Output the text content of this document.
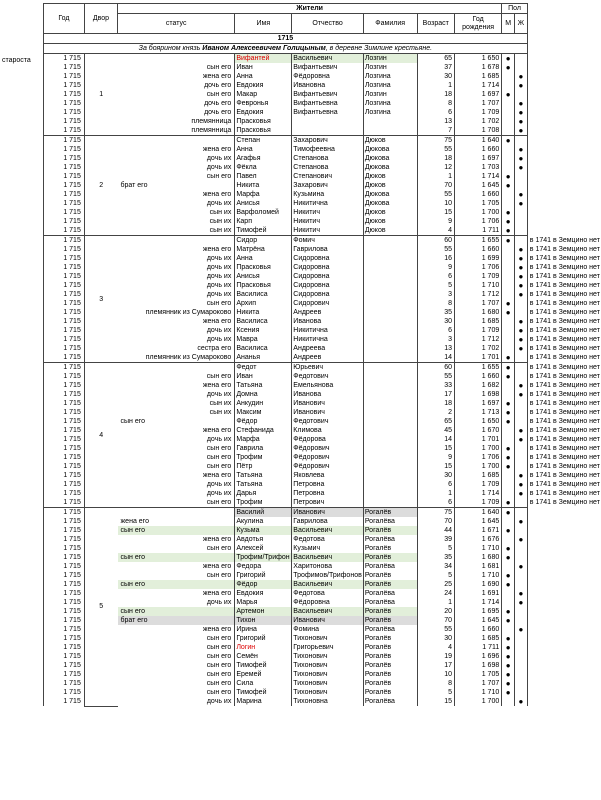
староста
Год	Двор	Жители						Пол		
		статус	Имя	Отчество	Фамилия	Возраст	Год рождения	М	Ж	
1715										
За боярином князь Иваном Алексеевичем Голицыным, в деревне Зимлине крестьяне.										
1 715	1		Вифантей	Васильевич	Лозгин	65	1 650	●		
1 715		сын его	Иван	Вифантьевич	Лозгин	37	1 678	●		
1 715		жена его	Анна	Фёдоровна	Лозгина	30	1 685		●	
1 715		дочь его	Евдокия	Ивановна	Лозгина	1	1 714		●	
1 715		сын его	Макар	Вифантьевич	Лозгин	18	1 697	●		
1 715		дочь его	Февронья	Вифантьевна	Лозгина	8	1 707		●	
1 715		дочь его	Евдокия	Вифантьевна	Лозгина	6	1 709		●	
1 715		племянница	Прасковья			13	1 702		●	
1 715		племянница	Прасковья			7	1 708		●	
1 715	2		Степан	Захарович	Дюков	75	1 640	●		
1 715		жена его	Анна	Тимофеевна	Дюкова	55	1 660		●	
1 715		дочь их	Агафья	Степанова	Дюкова	18	1 697		●	
1 715		дочь их	Фёкла	Степанова	Дюкова	12	1 703		●	
1 715		сын его	Павел	Степанович	Дюков	1	1 714	●		
1 715		брат его	Никита	Захарович	Дюков	70	1 645	●		
1 715		жена его	Марфа	Кузьмина	Дюкова	55	1 660		●	
1 715		дочь их	Анисья	Никитична	Дюкова	10	1 705		●	
1 715		сын их	Варфоломей	Никитич	Дюков	15	1 700	●		
1 715		сын их	Карп	Никитич	Дюков	9	1 706	●		
1 715		сын их	Тимофей	Никитич	Дюков	4	1 711	●		
1 715	3		Сидор	Фомич		60	1 655	●		в 1741 в Земцино нет
1 715		жена его	Матрёна	Гаврилова		55	1 660		●	в 1741 в Земцино нет
1 715		дочь их	Анна	Сидоровна		16	1 699		●	в 1741 в Земцино нет
1 715		дочь их	Прасковья	Сидоровна		9	1 706		●	в 1741 в Земцино нет
1 715		дочь их	Анисья	Сидоровна		6	1 709		●	в 1741 в Земцино нет
1 715		дочь их	Прасковья	Сидоровна		5	1 710		●	в 1741 в Земцино нет
1 715		дочь их	Василиса	Сидоровна		3	1 712		●	в 1741 в Земцино нет
1 715		сын его	Архип	Сидорович		8	1 707	●		в 1741 в Земцино нет
1 715		племянник из Сумароково	Никита	Андреев		35	1 680	●		в 1741 в Земцино нет
1 715		жена его	Василиса	Иванова		30	1 685		●	в 1741 в Земцино нет
1 715		дочь их	Ксения	Никитична		6	1 709		●	в 1741 в Земцино нет
1 715		дочь их	Мавра	Никитична		3	1 712		●	в 1741 в Земцино нет
1 715		сестра его	Василиса	Андреева		13	1 702		●	в 1741 в Земцино нет
1 715		племянник из Сумароково	Ананья	Андреев		14	1 701	●		в 1741 в Земцино нет
1 715	4		Федот	Юрьевич		60	1 655	●		в 1741 в Земцино нет
1 715		сын его	Иван	Федотович		55	1 660	●		в 1741 в Земцино нет
1 715		жена его	Татьяна	Емельянова		33	1 682		●	в 1741 в Земцино нет
1 715		дочь их	Домна	Иванова		17	1 698		●	в 1741 в Земцино нет
1 715		сын их	Анкудин	Иванович		18	1 697	●		в 1741 в Земцино нет
1 715		сын их	Максим	Иванович		2	1 713	●		в 1741 в Земцино нет
1 715		сын его	Фёдор	Федотович		65	1 650	●		в 1741 в Земцино нет
1 715		жена его	Стефанида	Климова		45	1 670		●	в 1741 в Земцино нет
1 715		дочь их	Марфа	Фёдорова		14	1 701		●	в 1741 в Земцино нет
1 715		сын его	Гаврила	Фёдорович		15	1 700	●		в 1741 в Земцино нет
1 715		сын его	Трофим	Фёдорович		9	1 706	●		в 1741 в Земцино нет
1 715		сын его	Пётр	Фёдорович		15	1 700	●		в 1741 в Земцино нет
1 715		жена его	Татьяна	Яковлева		30	1 685		●	в 1741 в Земцино нет
1 715		дочь их	Татьяна	Петровна		6	1 709		●	в 1741 в Земцино нет
1 715		дочь их	Дарья	Петровна		1	1 714		●	в 1741 в Земцино нет
1 715		сын его	Трофим	Петрович		6	1 709	●		в 1741 в Земцино нет
1 715	5		Василий	Иванович	Рогалёв	75	1 640	●		
1 715		жена его	Акулина	Гаврилова	Рогалёва	70	1 645		●	
1 715		сын его	Кузьма	Васильевич	Рогалёв	44	1 671	●		
1 715		жена его	Авдотья	Федотова	Рогалёва	39	1 676		●	
1 715		сын его	Алексей	Кузьмич	Рогалёв	5	1 710	●		
1 715		сын его	Трофим/Трифон	Васильевич	Рогалёв	35	1 680	●		
1 715		жена его	Федора	Харитонова	Рогалёва	34	1 681		●	
1 715		сын его	Григорий	Трофимов/Трифонов	Рогалёв	5	1 710	●		
1 715		сын его	Фёдор	Васильевич	Рогалёв	25	1 690	●		
1 715		жена его	Евдокия	Федотова	Рогалёва	24	1 691		●	
1 715		дочь их	Марья	Фёдоровна	Рогалёва	1	1 714		●	
1 715		сын его	Артемон	Васильевич	Рогалёв	20	1 695	●		
1 715		брат его	Тихон	Иванович	Рогалёв	70	1 645	●		
1 715		жена его	Ирина	Фомина	Рогалёва	55	1 660		●	
1 715		сын его	Григорий	Тихонович	Рогалёв	30	1 685	●		
1 715		сын его	Логин	Григорьевич	Рогалёв	4	1 711	●		
1 715		сын его	Семён	Тихонович	Рогалёв	19	1 696	●		
1 715		сын его	Тимофей	Тихонович	Рогалёв	17	1 698	●		
1 715		сын его	Еремей	Тихонович	Рогалёв	10	1 705	●		
1 715		сын его	Сила	Тихонович	Рогалёв	8	1 707	●		
1 715		сын его	Тимофей	Тихонович	Рогалёв	5	1 710	●		
1 715		дочь их	Марина	Тихоновна	Рогалёва	15	1 700		●	
